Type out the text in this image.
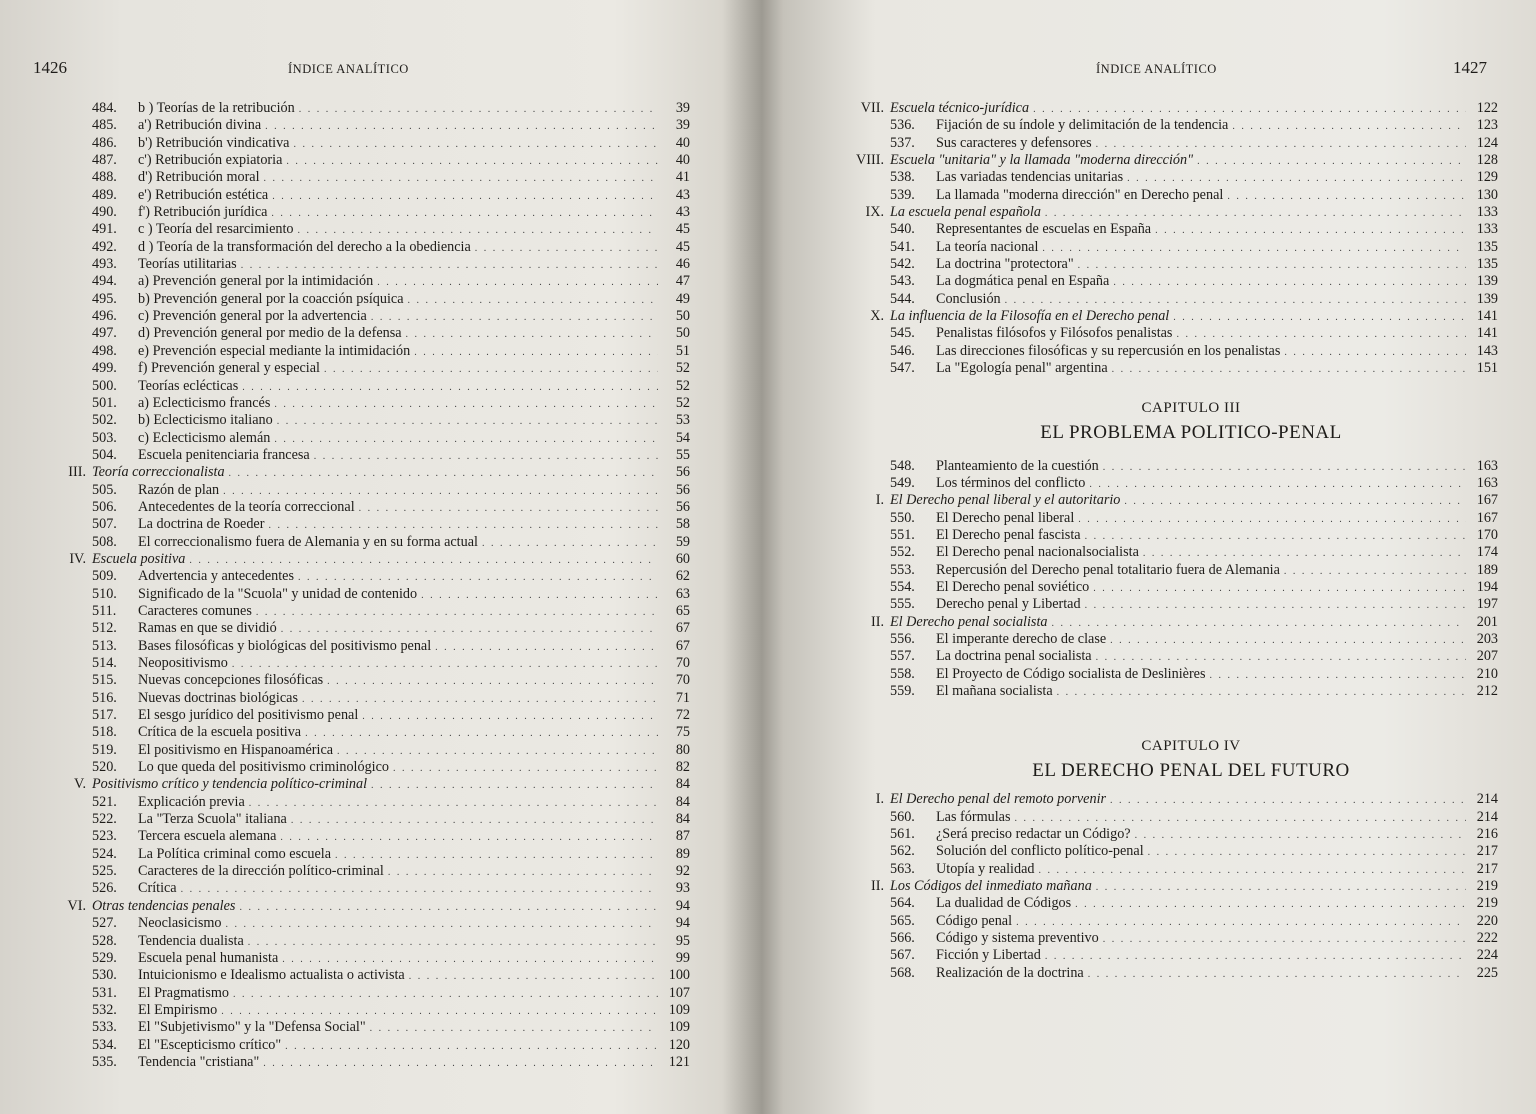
1426	ÍNDICE ANALÍTICO
484.	b ) Teorías de la retribución . . .	39
485.	a') Retribución divina . . .	39
486.	b') Retribución vindicativa . . .	40
487.	c') Retribución expiatoria . . .	40
488.	d') Retribución moral . . .	41
489.	e') Retribución estética . . .	43
490.	f') Retribución jurídica . . .	43
491.	c ) Teoría del resarcimiento . . .	45
492.	d ) Teoría de la transformación del derecho a la obediencia . . .	45
493.	Teorías utilitarias . . .	46
494.	a) Prevención general por la intimidación . . .	47
495.	b) Prevención general por la coacción psíquica . . .	49
496.	c) Prevención general por la advertencia . . .	50
497.	d) Prevención general por medio de la defensa . . .	50
498.	e) Prevención especial mediante la intimidación . . .	51
499.	f) Prevención general y especial . . .	52
500.	Teorías eclécticas . . .	52
501.	a) Eclecticismo francés . . .	52
502.	b) Eclecticismo italiano . . .	53
503.	c) Eclecticismo alemán . . .	54
504.	Escuela penitenciaria francesa . . .	55
III. Teoría correccionalista . . .	56
505.	Razón de plan . . .	56
506.	Antecedentes de la teoría correccional . . .	56
507.	La doctrina de Roeder . . .	58
508.	El correccionalismo fuera de Alemania y en su forma actual . . .	59
IV. Escuela positiva . . .	60
509.	Advertencia y antecedentes . . .	62
510.	Significado de la "Scuola" y unidad de contenido . . .	63
511.	Caracteres comunes . . .	65
512.	Ramas en que se dividió . . .	67
513.	Bases filosóficas y biológicas del positivismo penal . . .	67
514.	Neopositivismo . . .	70
515.	Nuevas concepciones filosóficas . . .	70
516.	Nuevas doctrinas biológicas . . .	71
517.	El sesgo jurídico del positivismo penal . . .	72
518.	Crítica de la escuela positiva . . .	75
519.	El positivismo en Hispanoamérica . . .	80
520.	Lo que queda del positivismo criminológico . . .	82
V. Positivismo crítico y tendencia político-criminal . . .	84
521.	Explicación previa . . .	84
522.	La "Terza Scuola" italiana . . .	84
523.	Tercera escuela alemana . . .	87
524.	La Política criminal como escuela . . .	89
525.	Caracteres de la dirección político-criminal . . .	92
526.	Crítica . . .	93
VI. Otras tendencias penales . . .	94
527.	Neoclasicismo . . .	94
528.	Tendencia dualista . . .	95
529.	Escuela penal humanista . . .	99
530.	Intuicionismo e Idealismo actualista o activista . . .	100
531.	El Pragmatismo . . .	107
532.	El Empirismo . . .	109
533.	El "Subjetivismo" y la "Defensa Social" . . .	109
534.	El "Escepticismo crítico" . . .	120
535.	Tendencia "cristiana" . . .	121
ÍNDICE ANALÍTICO	1427
VII. Escuela técnico-jurídica . . .	122
536.	Fijación de su índole y delimitación de la tendencia . . .	123
537.	Sus caracteres y defensores . . .	124
VIII. Escuela "unitaria" y la llamada "moderna dirección" . . .	128
538.	Las variadas tendencias unitarias . . .	129
539.	La llamada "moderna dirección" en Derecho penal . . .	130
IX. La escuela penal española . . .	133
540.	Representantes de escuelas en España . . .	133
541.	La teoría nacional . . .	135
542.	La doctrina "protectora" . . .	135
543.	La dogmática penal en España . . .	139
544.	Conclusión . . .	139
X. La influencia de la Filosofía en el Derecho penal . . .	141
545.	Penalistas filósofos y Filósofos penalistas . . .	141
546.	Las direcciones filosóficas y su repercusión en los penalistas . . .	143
547.	La "Egología penal" argentina . . .	151
CAPITULO III
EL PROBLEMA POLITICO-PENAL
548.	Planteamiento de la cuestión . . .	163
549.	Los términos del conflicto . . .	163
I. El Derecho penal liberal y el autoritario . . .	167
550.	El Derecho penal liberal . . .	167
551.	El Derecho penal fascista . . .	170
552.	El Derecho penal nacionalsocialista . . .	174
553.	Repercusión del Derecho penal totalitario fuera de Alemania . . .	189
554.	El Derecho penal soviético . . .	194
555.	Derecho penal y Libertad . . .	197
II. El Derecho penal socialista . . .	201
556.	El imperante derecho de clase . . .	203
557.	La doctrina penal socialista . . .	207
558.	El Proyecto de Código socialista de Deslinières . . .	210
559.	El mañana socialista . . .	212
CAPITULO IV
EL DERECHO PENAL DEL FUTURO
I. El Derecho penal del remoto porvenir . . .	214
560.	Las fórmulas . . .	214
561.	¿Será preciso redactar un Código? . . .	216
562.	Solución del conflicto político-penal . . .	217
563.	Utopía y realidad . . .	217
II. Los Códigos del inmediato mañana . . .	219
564.	La dualidad de Códigos . . .	219
565.	Código penal . . .	220
566.	Código y sistema preventivo . . .	222
567.	Ficción y Libertad . . .	224
568.	Realización de la doctrina . . .	225
